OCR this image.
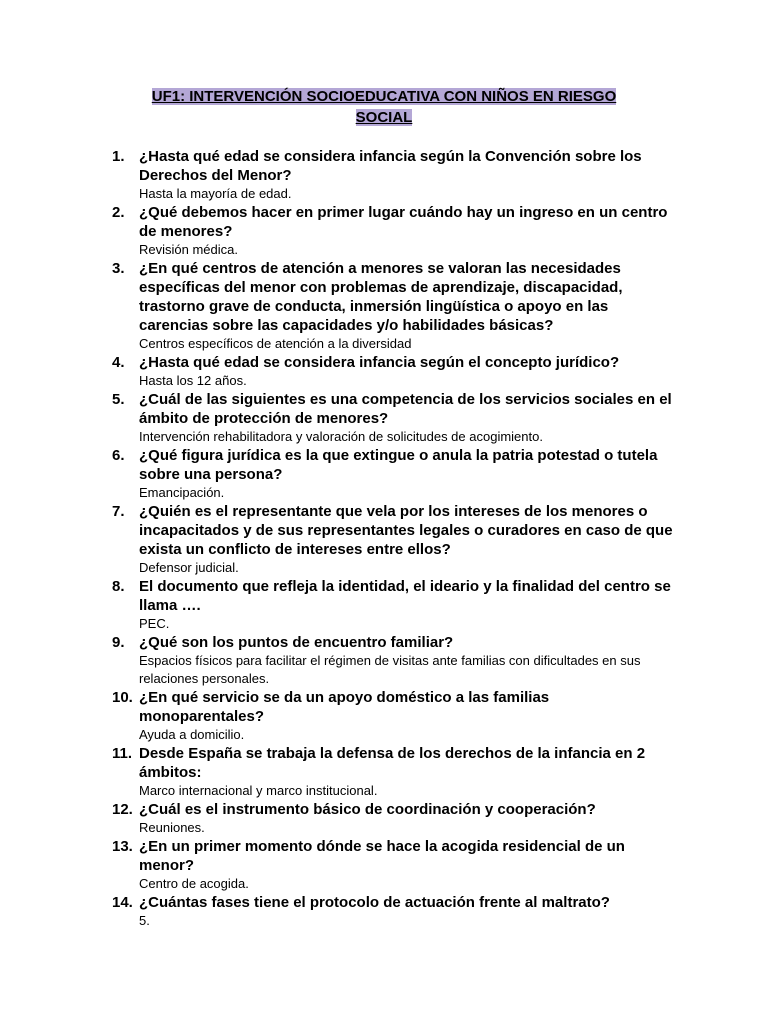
UF1: INTERVENCIÓN SOCIOEDUCATIVA CON NIÑOS EN RIESGO
SOCIAL
1. ¿Hasta qué edad se considera infancia según la Convención sobre los Derechos del Menor?
Hasta la mayoría de edad.
2. ¿Qué debemos hacer en primer lugar cuándo hay un ingreso en un centro de menores?
Revisión médica.
3. ¿En qué centros de atención a menores se valoran las necesidades específicas del menor con problemas de aprendizaje, discapacidad, trastorno grave de conducta, inmersión lingüística o apoyo en las carencias sobre las capacidades y/o habilidades básicas?
Centros específicos de atención a la diversidad
4. ¿Hasta qué edad se considera infancia según el concepto jurídico?
Hasta los 12 años.
5. ¿Cuál de las siguientes es una competencia de los servicios sociales en el ámbito de protección de menores?
Intervención rehabilitadora y valoración de solicitudes de acogimiento.
6. ¿Qué figura jurídica es la que extingue o anula la patria potestad o tutela sobre una persona?
Emancipación.
7. ¿Quién es el representante que vela por los intereses de los menores o incapacitados y de sus representantes legales o curadores en caso de que exista un conflicto de intereses entre ellos?
Defensor judicial.
8. El documento que refleja la identidad, el ideario y la finalidad del centro se llama ….
PEC.
9. ¿Qué son los puntos de encuentro familiar?
Espacios físicos para facilitar el régimen de visitas ante familias con dificultades en sus relaciones personales.
10. ¿En qué servicio se da un apoyo doméstico a las familias monoparentales?
Ayuda a domicilio.
11. Desde España se trabaja la defensa de los derechos de la infancia en 2 ámbitos:
Marco internacional y marco institucional.
12. ¿Cuál es el instrumento básico de coordinación y cooperación?
Reuniones.
13. ¿En un primer momento dónde se hace la acogida residencial de un menor?
Centro de acogida.
14. ¿Cuántas fases tiene el protocolo de actuación frente al maltrato?
5.
